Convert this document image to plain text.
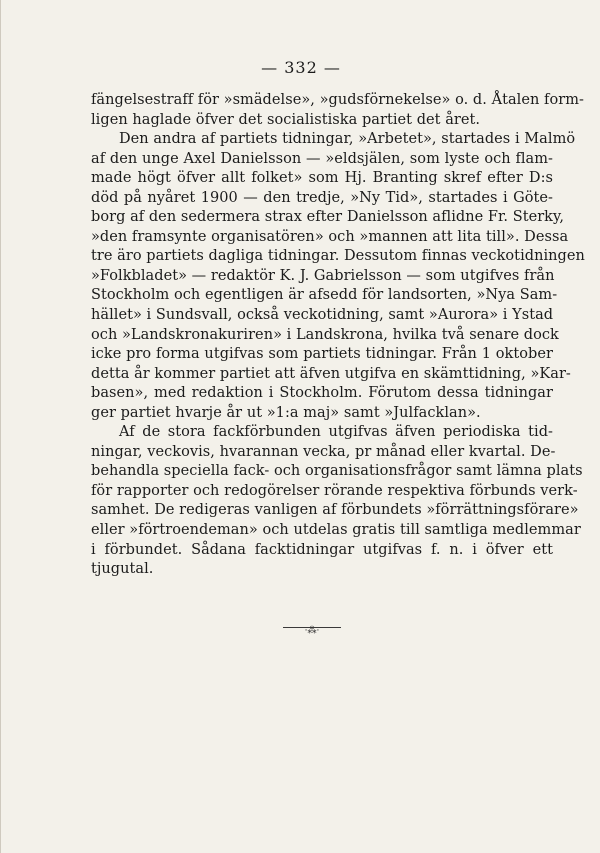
— 332 —
fängelsestraff för »smädelse», »gudsförnekelse» o. d. Åtalen form-
ligen haglade öfver det socialistiska partiet det året.
Den andra af partiets tidningar, »Arbetet», startades i Malmö
af den unge Axel Danielsson — »eldsjälen, som lyste och flam-
made högt öfver allt folket» som Hj. Branting skref efter D:s
död på nyåret 1900 — den tredje, »Ny Tid», startades i Göte-
borg af den sedermera strax efter Danielsson aflidne Fr. Sterky,
»den framsynte organisatören» och »mannen att lita till». Dessa
tre äro partiets dagliga tidningar. Dessutom finnas veckotidningen
»Folkbladet» — redaktör K. J. Gabrielsson — som utgifves från
Stockholm och egentligen är afsedd för landsorten, »Nya Sam-
hället» i Sundsvall, också veckotidning, samt »Aurora» i Ystad
och »Landskronakuriren» i Landskrona, hvilka två senare dock
icke pro forma utgifvas som partiets tidningar. Från 1 oktober
detta år kommer partiet att äfven utgifva en skämttidning, »Kar-
basen», med redaktion i Stockholm. Förutom dessa tidningar
ger partiet hvarje år ut »1:a maj» samt »Julfacklan».
Af de stora fackförbunden utgifvas äfven periodiska tid-
ningar, veckovis, hvarannan vecka, pr månad eller kvartal. De-
behandla speciella fack- och organisationsfrågor samt lämna plats
för rapporter och redogörelser rörande respektiva förbunds verk-
samhet. De redigeras vanligen af förbundets »förrättningsförare»
eller »förtroendeman» och utdelas gratis till samtliga medlemmar
i förbundet. Sådana facktidningar utgifvas f. n. i öfver ett
tjugutal.
·⁂·
